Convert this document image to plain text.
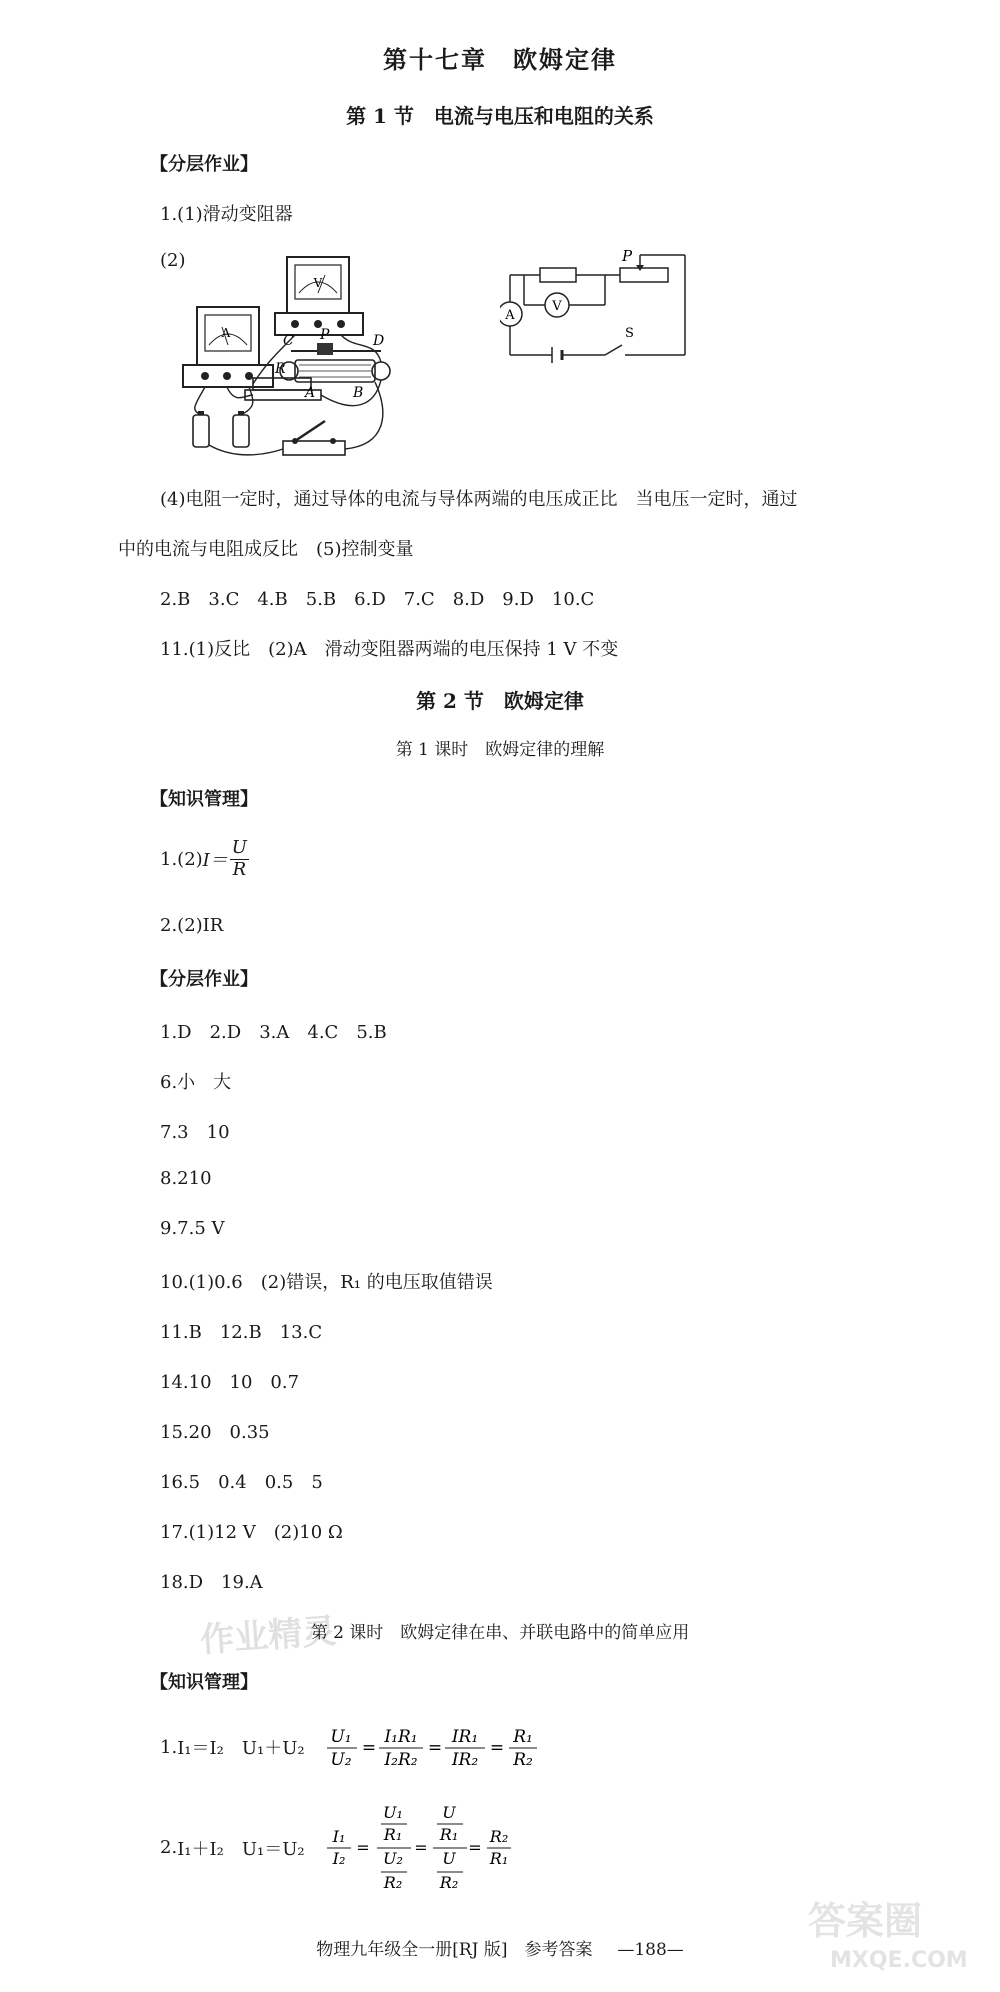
第十七章　欧姆定律
第 1 节　电流与电压和电阻的关系
【分层作业】
1.(1)滑动变阻器
(2)
A
V
R
C P	D
A	B
A
V
P
S
(4)电阻一定时，通过导体的电流与导体两端的电压成正比　当电压一定时，通过
中的电流与电阻成反比　(5)控制变量
2.B　3.C　4.B　5.B　6.D　7.C　8.D　9.D　10.C
11.(1)反比　(2)A　滑动变阻器两端的电压保持 1 V 不变
第 2 节　欧姆定律
第 1 课时　欧姆定律的理解
【知识管理】
1.(2) $I= \frac{U}{R}$
2.(2)IR
【分层作业】
1.D　2.D　3.A　4.C　5.B
6.小　大
7.3　10
8.210
9.7.5 V
10.(1)0.6　(2)错误，R₁ 的电压取值错误
11.B　12.B　13.C
14.10　10　0.7
15.20　0.35
16.5　0.4　0.5　5
17.(1)12 V　(2)10 Ω
18.D　19.A
作业精灵
第 2 课时　欧姆定律在串、并联电路中的简单应用
【知识管理】
1. I₁＝I₂　U₁＋U₂
U₁
U₂
=
I₁R₁
I₂R₂
=
IR₁
IR₂
=
R₁
R₂
2. I₁＋I₂　U₁＝U₂
I₁
I₂
=
U₁
R₁
U₂
R₂
=
U
R₁
U
R₂
=
R₂
R₁
物理九年级全一册[RJ 版]　参考答案 —188—
答案圈
MXQE.COM
